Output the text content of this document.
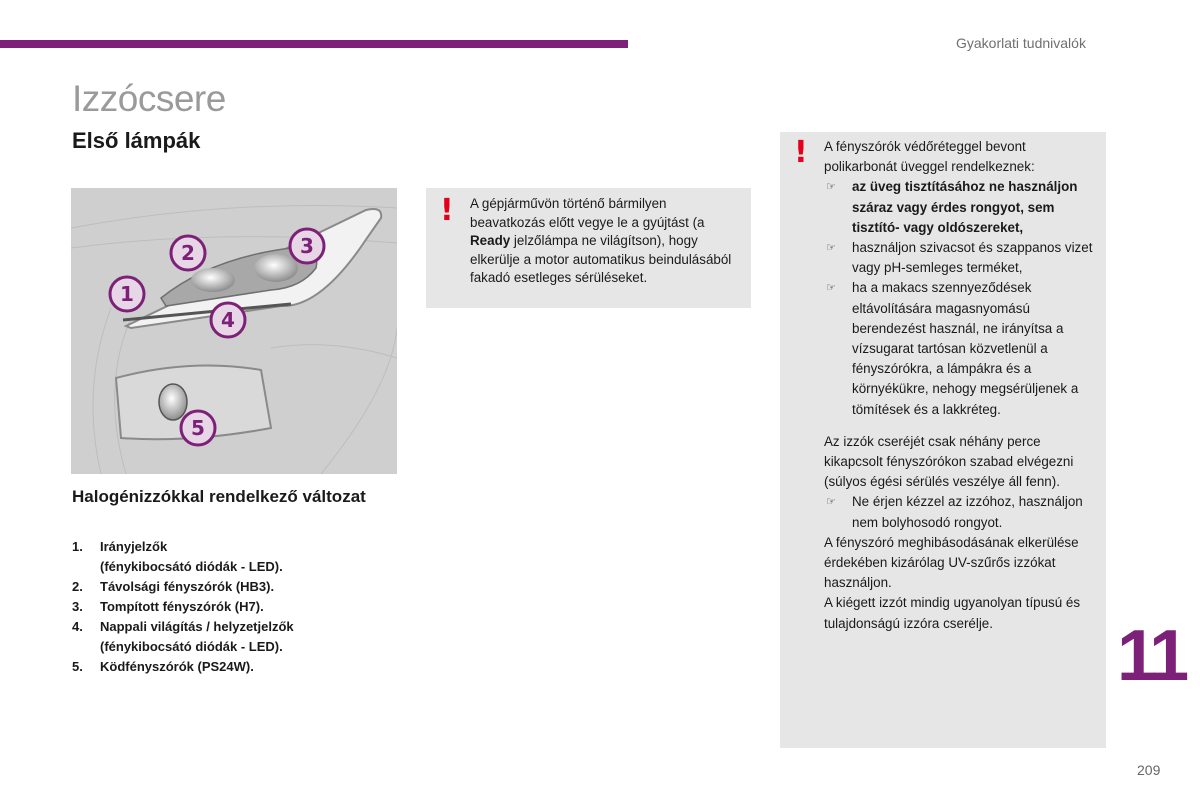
Gyakorlati tudnivalók
Izzócsere
Első lámpák
1
2	3
4
5
Halogénizzókkal rendelkező változat
1.	Irányjelzők
(fénykibocsátó diódák - LED).
2.	Távolsági fényszórók (HB3).
3.	Tompított fényszórók (H7).
4.	Nappali világítás / helyzetjelzők
(fénykibocsátó diódák - LED).
5.	Ködfényszórók (PS24W).
! A gépjárművön történő bármilyen beavatkozás előtt vegye le a gyújtást (a Ready jelzőlámpa ne világítson), hogy elkerülje a motor automatikus beindulásából fakadó esetleges sérüléseket.
! A fényszórók védőréteggel bevont polikarbonát üveggel rendelkeznek:
☞	az üveg tisztításához ne használjon száraz vagy érdes rongyot, sem tisztító- vagy oldószereket,
☞	használjon szivacsot és szappanos vizet vagy pH-semleges terméket,
☞	ha a makacs szennyeződések eltávolítására magasnyomású berendezést használ, ne irányítsa a vízsugarat tartósan közvetlenül a fényszórókra, a lámpákra és a környékükre, nehogy megsérüljenek a tömítések és a lakkréteg.
Az izzók cseréjét csak néhány perce kikapcsolt fényszórókon szabad elvégezni (súlyos égési sérülés veszélye áll fenn).
☞	Ne érjen kézzel az izzóhoz, használjon nem bolyhosodó rongyot.
A fényszóró meghibásodásának elkerülése érdekében kizárólag UV-szűrős izzókat használjon.
A kiégett izzót mindig ugyanolyan típusú és tulajdonságú izzóra cserélje.	11
209
